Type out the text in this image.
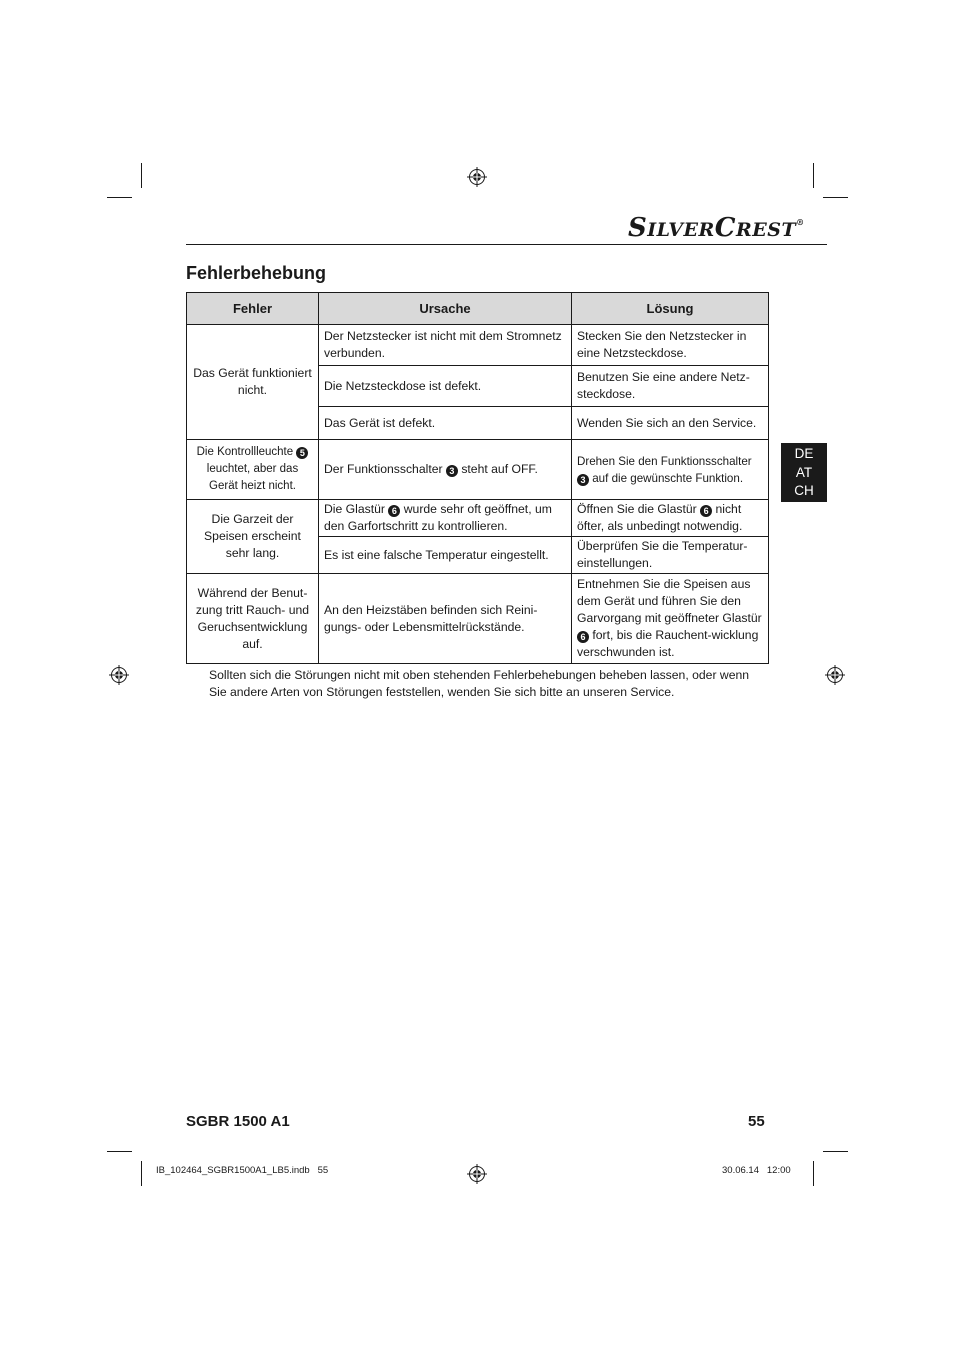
SILVERCREST®
Fehlerbehebung
Fehler	Ursache	Lösung
Das Gerät funktioniert nicht.	Der Netzstecker ist nicht mit dem Stromnetz verbunden.	Stecken Sie den Netzstecker in eine Netzsteckdose.
	Die Netzsteckdose ist defekt.	Benutzen Sie eine andere Netz-steckdose.
	Das Gerät ist defekt.	Wenden Sie sich an den Service.
Die Kontrollleuchte 5 leuchtet, aber das Gerät heizt nicht.	Der Funktionsschalter 3 steht auf OFF.	Drehen Sie den Funktionsschalter 3 auf die gewünschte Funktion.
Die Garzeit der Speisen erscheint sehr lang.	Die Glastür 6 wurde sehr oft geöffnet, um den Garfortschritt zu kontrollieren.	Öffnen Sie die Glastür 6 nicht öfter, als unbedingt notwendig.
	Es ist eine falsche Temperatur eingestellt.	Überprüfen Sie die Temperatur-einstellungen.
Während der Benut-zung tritt Rauch- und Geruchsentwicklung auf.	An den Heizstäben befinden sich Reini-gungs- oder Lebensmittelrückstände.	Entnehmen Sie die Speisen aus dem Gerät und führen Sie den Garvorgang mit geöffneter Glastür 6 fort, bis die Rauchent-wicklung verschwunden ist.
Sollten sich die Störungen nicht mit oben stehenden Fehlerbehebungen beheben lassen, oder wenn Sie andere Arten von Störungen feststellen, wenden Sie sich bitte an unseren Service.
DE
AT
CH
SGBR 1500 A1	55
IB_102464_SGBR1500A1_LB5.indb   55	30.06.14   12:00
